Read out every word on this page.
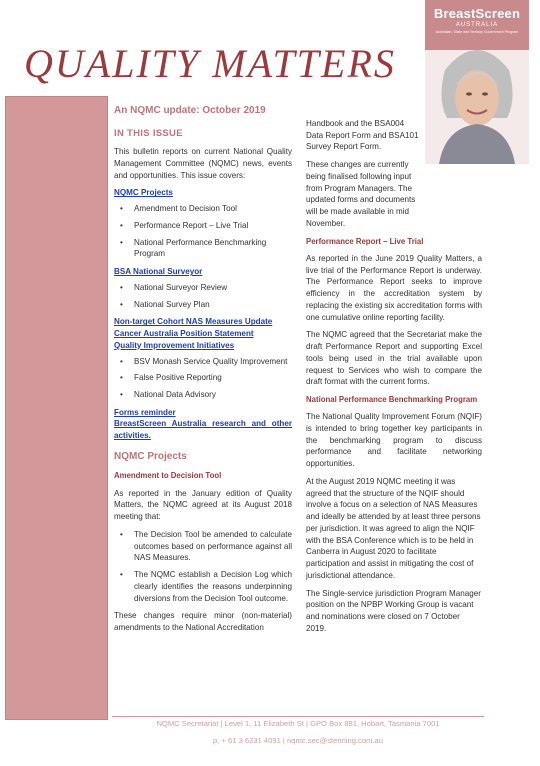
QUALITY MATTERS
BreastScreen
AUSTRALIA
Australian, State and Territory Government Program
An NQMC update: October 2019
IN THIS ISSUE

This bulletin reports on current National Quality Management Committee (NQMC) news, events and opportunities. This issue covers:

NQMC Projects
• Amendment to Decision Tool
• Performance Report – Live Trial
• National Performance Benchmarking Program
BSA National Surveyor
• National Surveyor Review
• National Survey Plan
Non-target Cohort NAS Measures Update
Cancer Australia Position Statement
Quality Improvement Initiatives
• BSV Monash Service Quality Improvement
• False Positive Reporting
• National Data Advisory
Forms reminder
BreastScreen Australia research and other activities.
NQMC Projects
Amendment to Decision Tool

As reported in the January edition of Quality Matters, the NQMC agreed at its August 2018 meeting that:

• The Decision Tool be amended to calculate outcomes based on performance against all NAS Measures.
• The NQMC establish a Decision Log which clearly identifies the reasons underpinning diversions from the Decision Tool outcome.

These changes require minor (non-material) amendments to the National Accreditation

Handbook and the BSA004 Data Report Form and BSA101 Survey Report Form.

These changes are currently being finalised following input from Program Managers. The updated forms and documents will be made available in mid November.

Performance Report – Live Trial

As reported in the June 2019 Quality Matters, a live trial of the Performance Report is underway. The Performance Report seeks to improve efficiency in the accreditation system by replacing the existing six accreditation forms with one cumulative online reporting facility.

The NQMC agreed that the Secretariat make the draft Performance Report and supporting Excel tools being used in the trial available upon request to Services who wish to compare the draft format with the current forms.

National Performance Benchmarking Program

The National Quality Improvement Forum (NQIF) is intended to bring together key participants in the benchmarking program to discuss performance and facilitate networking opportunities.

At the August 2019 NQMC meeting it was agreed that the structure of the NQIF should involve a focus on a selection of NAS Measures and ideally be attended by at least three persons per jurisdiction. It was agreed to align the NQIF with the BSA Conference which is to be held in Canberra in August 2020 to facilitate participation and assist in mitigating the cost of jurisdictional attendance.

The Single-service jurisdiction Program Manager position on the NPBP Working Group is vacant and nominations were closed on 7 October 2019.

NQMC Secretariat | Level 1, 11 Elizabeth St | GPO Box 881, Hobart, Tasmania 7001
p. + 61 3 6231 4091 | nqmc.sec@stenning.com.au
